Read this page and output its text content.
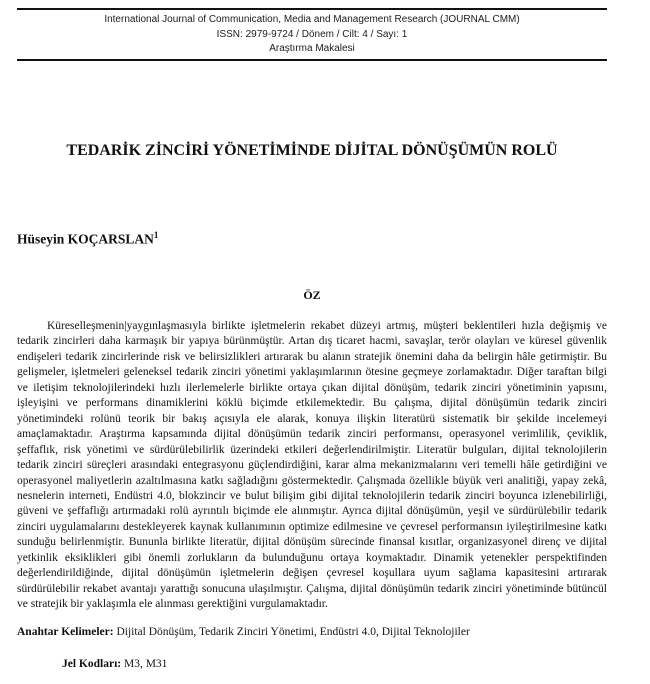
International Journal of Communication, Media and Management Research (JOURNAL CMM)
ISSN: 2979-9724 / Dönem / Cilt: 4 / Sayı: 1
Araştırma Makalesi
TEDARİK ZİNCİRİ YÖNETİMİNDE DİJİTAL DÖNÜŞÜMÜN ROLÜ
Hüseyin KOÇARSLAN$^1$
ÖZ

Küreselleşmenin|yaygınlaşmasıyla birlikte işletmelerin rekabet düzeyi artmış, müşteri beklentileri hızla değişmiş ve tedarik zincirleri daha karmaşık bir yapıya bürünmüştür. Artan dış ticaret hacmi, savaşlar, terör olayları ve küresel güvenlik endişeleri tedarik zincirlerinde risk ve belirsizlikleri artırarak bu alanın stratejik önemini daha da belirgin hâle getirmiştir. Bu gelişmeler, işletmeleri geleneksel tedarik zinciri yönetimi yaklaşımlarının ötesine geçmeye zorlamaktadır. Diğer taraftan bilgi ve iletişim teknolojilerindeki hızlı ilerlemelerle birlikte ortaya çıkan dijital dönüşüm, tedarik zinciri yönetiminin yapısını, işleyişini ve performans dinamiklerini köklü biçimde etkilemektedir. Bu çalışma, dijital dönüşümün tedarik zinciri yönetimindeki rolünü teorik bir bakış açısıyla ele alarak, konuya ilişkin literatürü sistematik bir şekilde incelemeyi amaçlamaktadır. Araştırma kapsamında dijital dönüşümün tedarik zinciri performansı, operasyonel verimlilik, çeviklik, şeffaflık, risk yönetimi ve sürdürülebilirlik üzerindeki etkileri değerlendirilmiştir. Literatür bulguları, dijital teknolojilerin tedarik zinciri süreçleri arasındaki entegrasyonu güçlendirdiğini, karar alma mekanizmalarını veri temelli hâle getirdiğini ve operasyonel maliyetlerin azaltılmasına katkı sağladığını göstermektedir. Çalışmada özellikle büyük veri analitiği, yapay zekâ, nesnelerin interneti, Endüstri 4.0, blokzincir ve bulut bilişim gibi dijital teknolojilerin tedarik zinciri boyunca izlenebilirliği, güveni ve şeffaflığı artırmadaki rolü ayrıntılı biçimde ele alınmıştır. Ayrıca dijital dönüşümün, yeşil ve sürdürülebilir tedarik zinciri uygulamalarını destekleyerek kaynak kullanımının optimize edilmesine ve çevresel performansın iyileştirilmesine katkı sunduğu belirlenmiştir. Bununla birlikte literatür, dijital dönüşüm sürecinde finansal kısıtlar, organizasyonel direnç ve dijital yetkinlik eksiklikleri gibi önemli zorlukların da bulunduğunu ortaya koymaktadır. Dinamik yetenekler perspektifinden değerlendirildiğinde, dijital dönüşümün işletmelerin değişen çevresel koşullara uyum sağlama kapasitesini artırarak sürdürülebilir rekabet avantajı yarattığı sonucuna ulaşılmıştır. Çalışma, dijital dönüşümün tedarik zinciri yönetiminde bütüncül ve stratejik bir yaklaşımla ele alınması gerektiğini vurgulamaktadır.

Anahtar Kelimeler: Dijital Dönüşüm, Tedarik Zinciri Yönetimi, Endüstri 4.0, Dijital Teknolojiler
Jel Kodları: M3, M31
